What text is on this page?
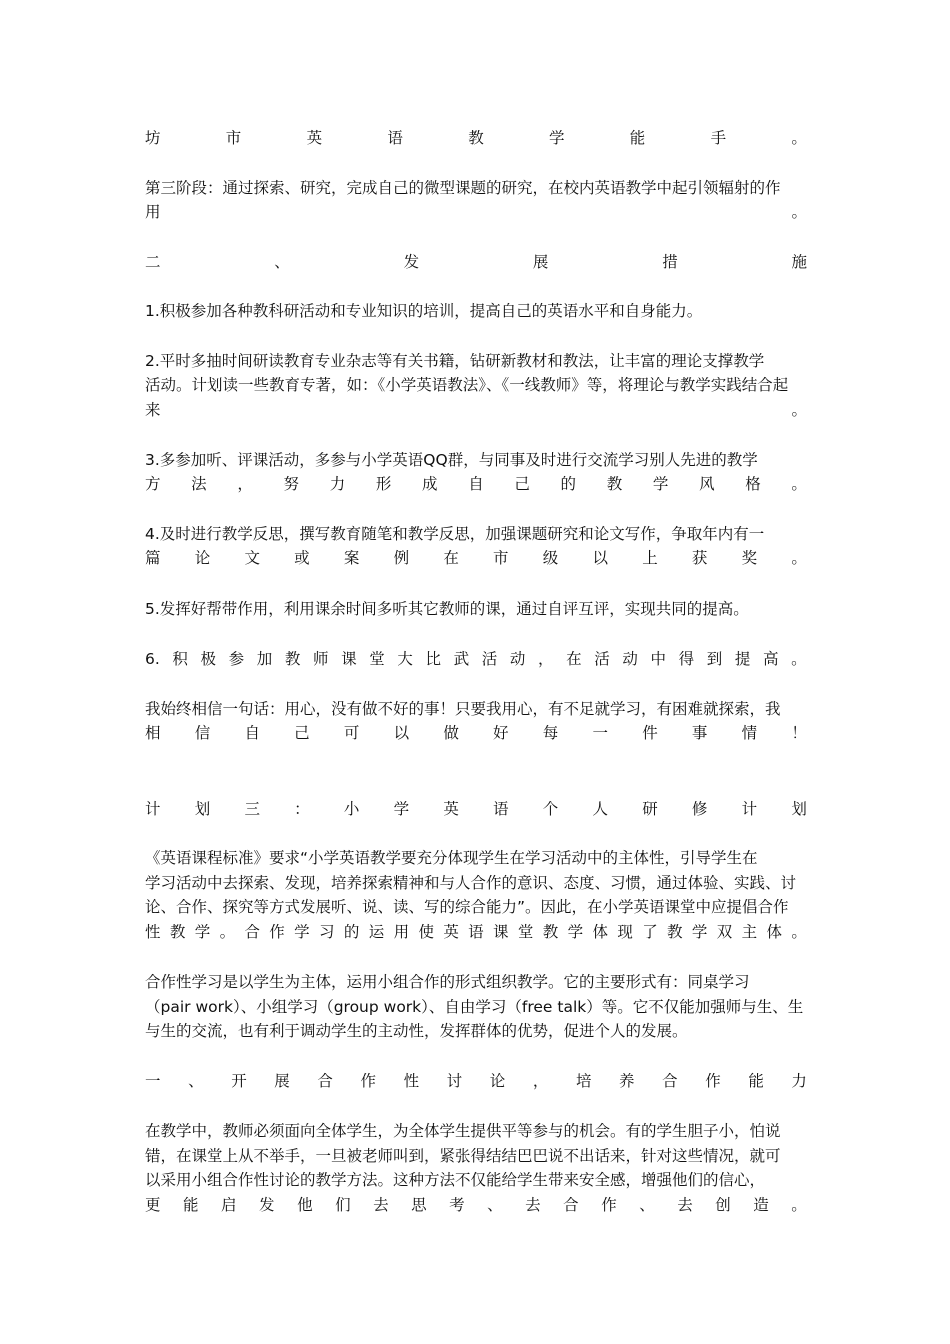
坊	市	英	语	教	学	能	手	。
第三阶段：通过探索、研究，完成自己的微型课题的研究，在校内英语教学中起引领辐射的作
用	。
二	、	发	展	措	施
1.积极参加各种教科研活动和专业知识的培训，提高自己的英语水平和自身能力。
2.平时多抽时间研读教育专业杂志等有关书籍，钻研新教材和教法，让丰富的理论支撑教学
活动。计划读一些教育专著，如：《小学英语教法》、《一线教师》等，将理论与教学实践结合起
来	。
3.多参加听、评课活动，多参与小学英语QQ群，与同事及时进行交流学习别人先进的教学
方 法 ， 努 力 形 成 自 己 的 教 学 风 格 。
4.及时进行教学反思，撰写教育随笔和教学反思，加强课题研究和论文写作，争取年内有一
篇 论 文 或 案 例 在 市 级 以 上 获 奖 。
5.发挥好帮带作用，利用课余时间多听其它教师的课，通过自评互评，实现共同的提高。
6. 积 极 参 加 教 师 课 堂 大 比 武 活 动 ， 在 活 动 中 得 到 提 高 。
我始终相信一句话：用心，没有做不好的事！只要我用心，有不足就学习，有困难就探索，我
相 信 自 己 可 以 做 好 每 一 件 事 情 ！
计 划 三 ： 小 学 英 语 个 人 研 修 计 划
《英语课程标准》要求“小学英语教学要充分体现学生在学习活动中的主体性，引导学生在
学习活动中去探索、发现，培养探索精神和与人合作的意识、态度、习惯，通过体验、实践、讨
论、合作、探究等方式发展听、说、读、写的综合能力”。因此，在小学英语课堂中应提倡合作
性 教 学 。 合 作 学 习 的 运 用 使 英 语 课 堂 教 学 体 现 了 教 学 双 主 体 。
合作性学习是以学生为主体，运用小组合作的形式组织教学。它的主要形式有：同桌学习
（pair work）、小组学习（group work）、自由学习（free talk）等。它不仅能加强师与生、生
与生的交流，也有利于调动学生的主动性，发挥群体的优势，促进个人的发展。
一 、 开 展 合 作 性 讨 论 ， 培 养 合 作 能 力
在教学中，教师必须面向全体学生，为全体学生提供平等参与的机会。有的学生胆子小，怕说
错，在课堂上从不举手，一旦被老师叫到，紧张得结结巴巴说不出话来，针对这些情况，就可
以采用小组合作性讨论的教学方法。这种方法不仅能给学生带来安全感，增强他们的信心，
更 能 启 发 他 们 去 思 考 、 去 合 作 、 去 创 造 。
